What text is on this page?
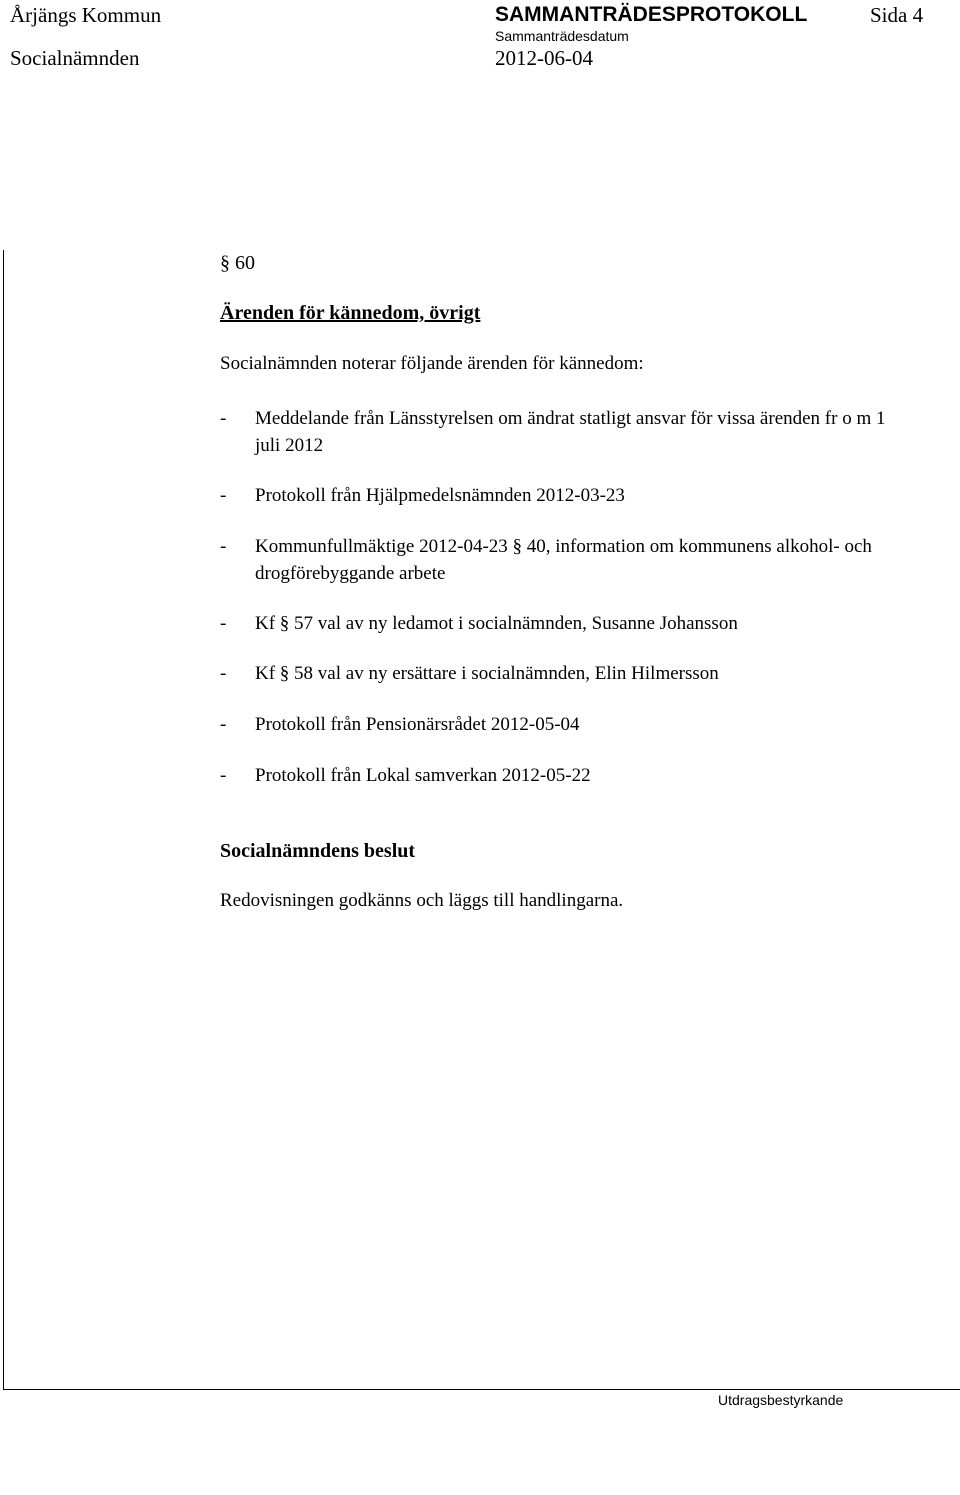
Årjängs Kommun	SAMMANTRÄDESPROTOKOLL	Sida 4
Sammanträdesdatum
Socialnämnden	2012-06-04
§ 60
Ärenden för kännedom, övrigt
Socialnämnden noterar följande ärenden för kännedom:
- Meddelande från Länsstyrelsen om ändrat statligt ansvar för vissa ärenden fr o m 1 juli 2012
- Protokoll från Hjälpmedelsnämnden 2012-03-23
- Kommunfullmäktige 2012-04-23 § 40, information om kommunens alkohol- och drogförebyggande arbete
- Kf § 57 val av ny ledamot i socialnämnden, Susanne Johansson
- Kf § 58 val av ny ersättare i socialnämnden, Elin Hilmersson
- Protokoll från Pensionärsrådet 2012-05-04
- Protokoll från Lokal samverkan 2012-05-22
Socialnämndens beslut
Redovisningen godkänns och läggs till handlingarna.
Utdragsbestyrkande
